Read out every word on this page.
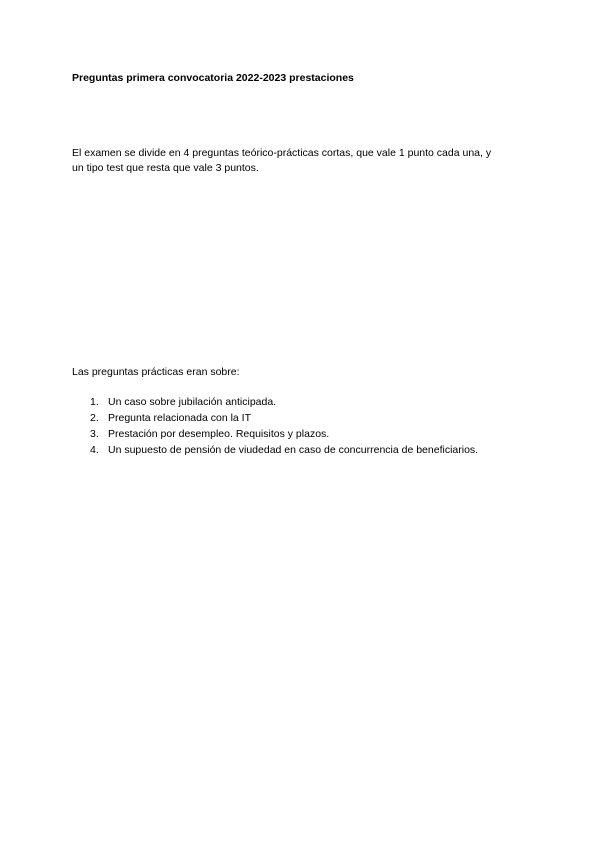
Preguntas primera convocatoria 2022-2023 prestaciones

El examen se divide en 4 preguntas teórico-prácticas cortas, que vale 1 punto cada una, y
un tipo test que resta que vale 3 puntos.

Las preguntas prácticas eran sobre:

1. Un caso sobre jubilación anticipada.
2. Pregunta relacionada con la IT
3. Prestación por desempleo. Requisitos y plazos.
4. Un supuesto de pensión de viudedad en caso de concurrencia de beneficiarios.
